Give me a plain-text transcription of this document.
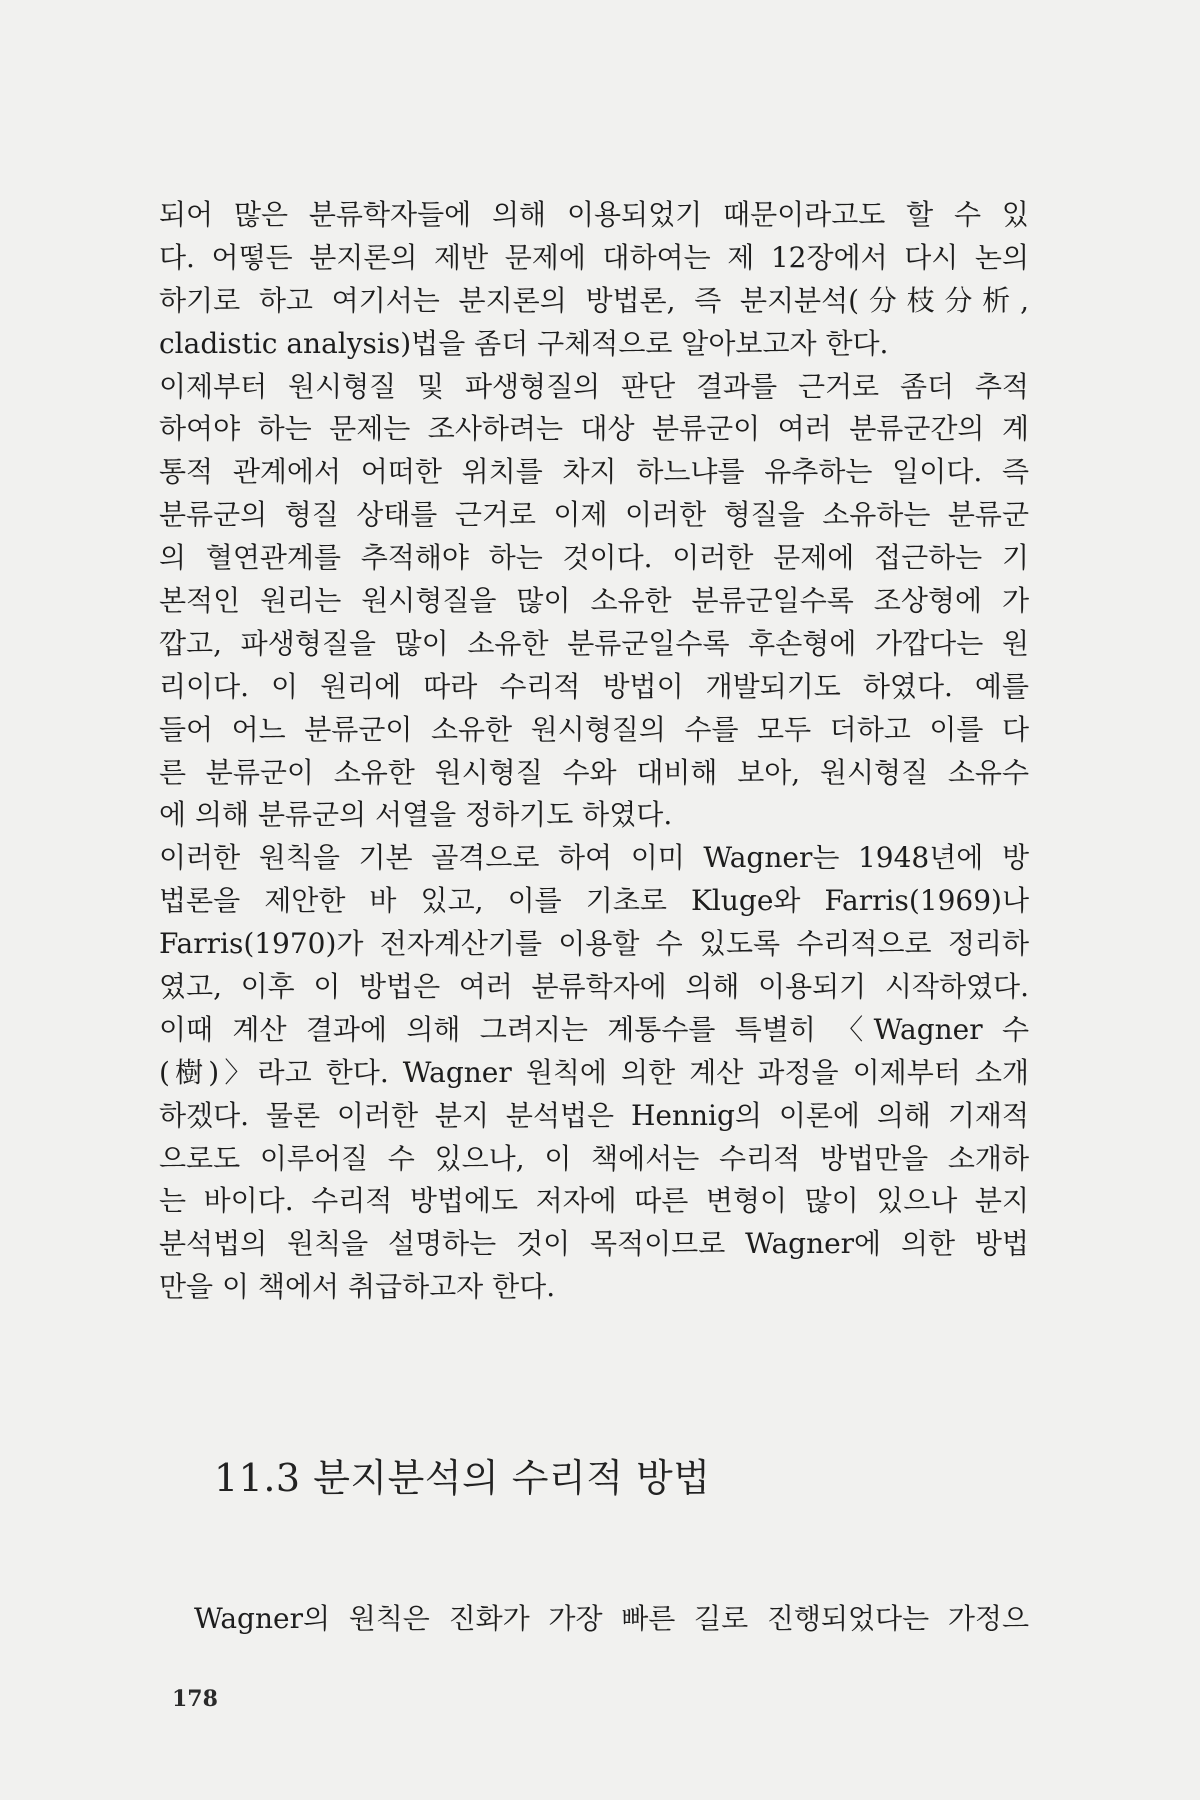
되어 많은 분류학자들에 의해 이용되었기 때문이라고도 할 수 있
다. 어떻든 분지론의 제반 문제에 대하여는 제 12장에서 다시 논의
하기로 하고 여기서는 분지론의 방법론, 즉 분지분석(分枝分析,
cladistic analysis)법을 좀더 구체적으로 알아보고자 한다.
이제부터 원시형질 및 파생형질의 판단 결과를 근거로 좀더 추적
하여야 하는 문제는 조사하려는 대상 분류군이 여러 분류군간의 계
통적 관계에서 어떠한 위치를 차지 하느냐를 유추하는 일이다. 즉
분류군의 형질 상태를 근거로 이제 이러한 형질을 소유하는 분류군
의 혈연관계를 추적해야 하는 것이다. 이러한 문제에 접근하는 기
본적인 원리는 원시형질을 많이 소유한 분류군일수록 조상형에 가
깝고, 파생형질을 많이 소유한 분류군일수록 후손형에 가깝다는 원
리이다. 이 원리에 따라 수리적 방법이 개발되기도 하였다. 예를
들어 어느 분류군이 소유한 원시형질의 수를 모두 더하고 이를 다
른 분류군이 소유한 원시형질 수와 대비해 보아, 원시형질 소유수
에 의해 분류군의 서열을 정하기도 하였다.
이러한 원칙을 기본 골격으로 하여 이미 Wagner는 1948년에 방
법론을 제안한 바 있고, 이를 기초로 Kluge와 Farris(1969)나
Farris(1970)가 전자계산기를 이용할 수 있도록 수리적으로 정리하
였고, 이후 이 방법은 여러 분류학자에 의해 이용되기 시작하였다.
이때 계산 결과에 의해 그려지는 계통수를 특별히 〈Wagner 수
(樹)〉라고 한다. Wagner 원칙에 의한 계산 과정을 이제부터 소개
하겠다. 물론 이러한 분지 분석법은 Hennig의 이론에 의해 기재적
으로도 이루어질 수 있으나, 이 책에서는 수리적 방법만을 소개하
는 바이다. 수리적 방법에도 저자에 따른 변형이 많이 있으나 분지
분석법의 원칙을 설명하는 것이 목적이므로 Wagner에 의한 방법
만을 이 책에서 취급하고자 한다.
11.3 분지분석의 수리적 방법
Wagner의 원칙은 진화가 가장 빠른 길로 진행되었다는 가정으
178
